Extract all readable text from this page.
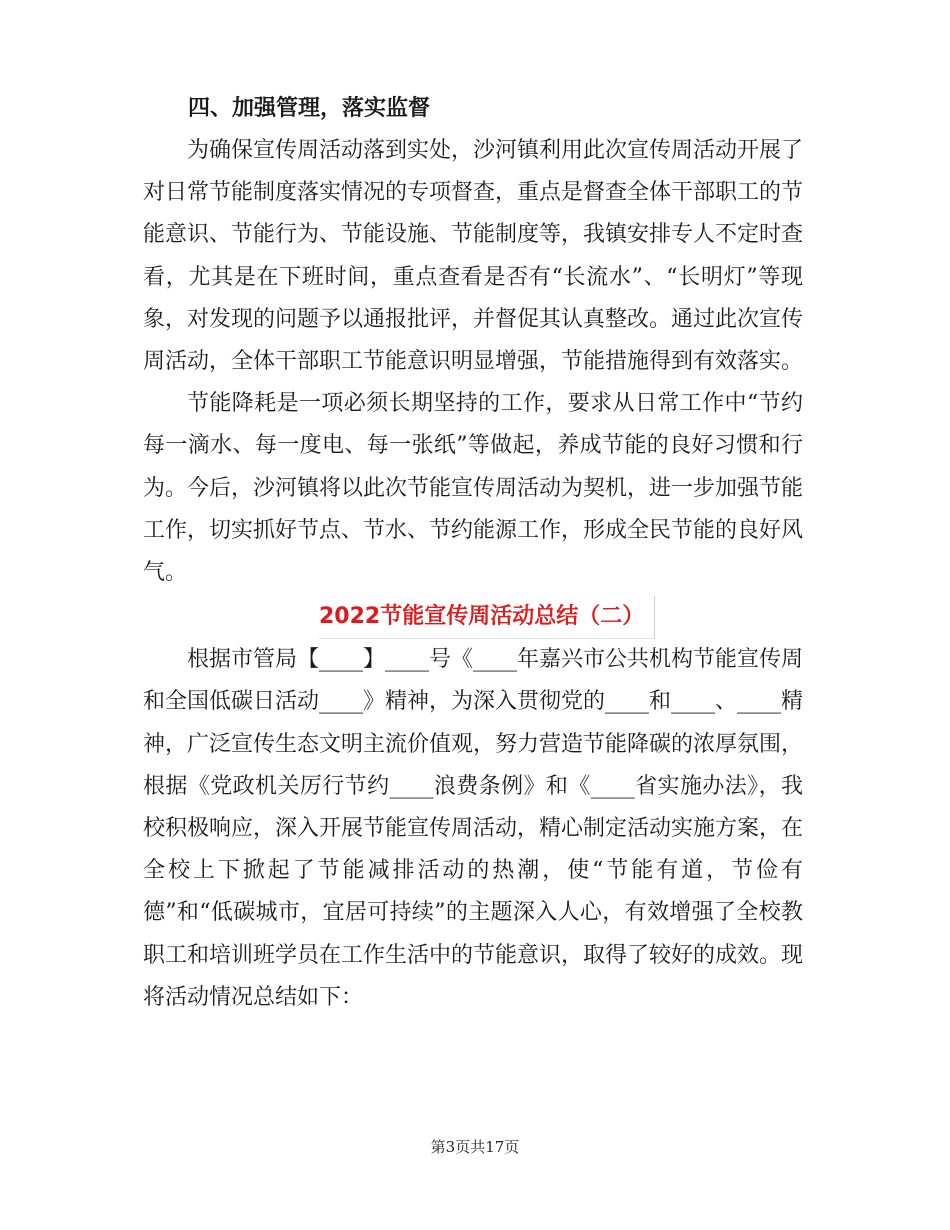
四、加强管理，落实监督

为确保宣传周活动落到实处，沙河镇利用此次宣传周活动开展了对日常节能制度落实情况的专项督查，重点是督查全体干部职工的节能意识、节能行为、节能设施、节能制度等，我镇安排专人不定时查看，尤其是在下班时间，重点查看是否有“长流水”、“长明灯”等现象，对发现的问题予以通报批评，并督促其认真整改。通过此次宣传周活动，全体干部职工节能意识明显增强，节能措施得到有效落实。

节能降耗是一项必须长期坚持的工作，要求从日常工作中“节约每一滴水、每一度电、每一张纸”等做起，养成节能的良好习惯和行为。今后，沙河镇将以此次节能宣传周活动为契机，进一步加强节能工作，切实抓好节点、节水、节约能源工作，形成全民节能的良好风气。

2022节能宣传周活动总结（二）

根据市管局【____】____号《____年嘉兴市公共机构节能宣传周和全国低碳日活动____》精神，为深入贯彻党的____和____、____精神，广泛宣传生态文明主流价值观，努力营造节能降碳的浓厚氛围，根据《党政机关厉行节约____浪费条例》和《____省实施办法》，我校积极响应，深入开展节能宣传周活动，精心制定活动实施方案，在全校上下掀起了节能减排活动的热潮，使“节能有道，节俭有德”和“低碳城市，宜居可持续”的主题深入人心，有效增强了全校教职工和培训班学员在工作生活中的节能意识，取得了较好的成效。现将活动情况总结如下：

第3页共17页
